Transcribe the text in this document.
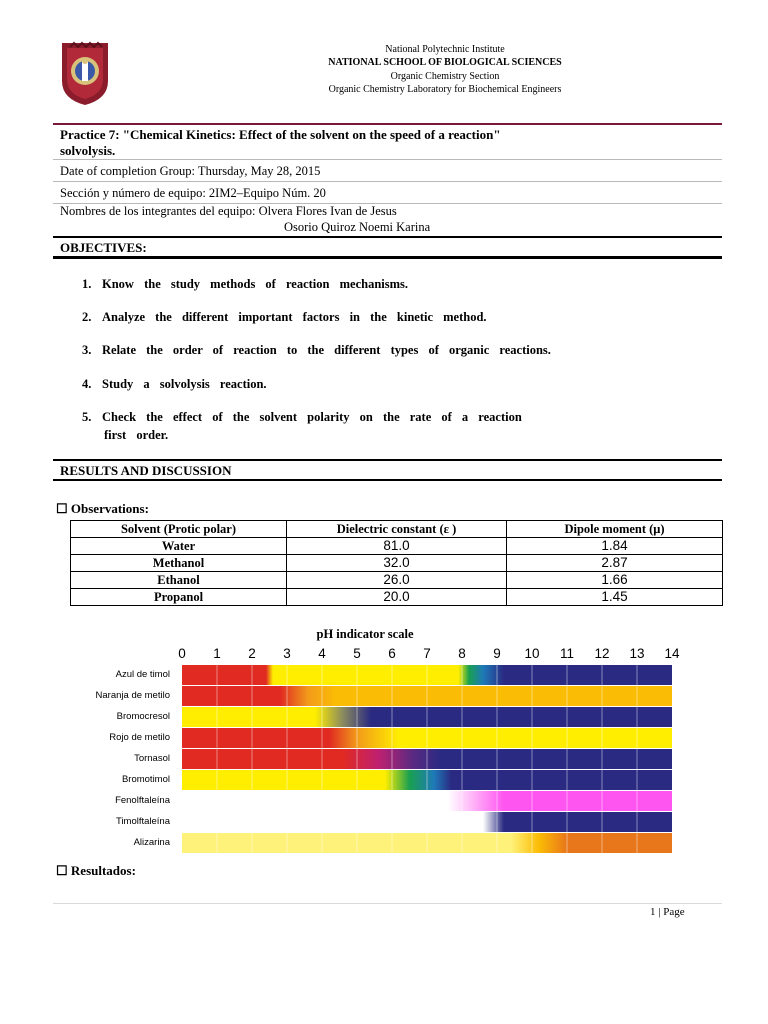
National Polytechnic Institute
NATIONAL SCHOOL OF BIOLOGICAL SCIENCES
Organic Chemistry Section
Organic Chemistry Laboratory for Biochemical Engineers
Practice 7: "Chemical Kinetics: Effect of the solvent on the speed of a reaction"
solvolysis.
Date of completion Group: Thursday, May 28, 2015
Sección y número de equipo: 2IM2–Equipo Núm. 20
Nombres de los integrantes del equipo: Olvera Flores Ivan de Jesus
Osorio Quiroz Noemi Karina
OBJECTIVES:
1. Know the study methods of reaction mechanisms.
2. Analyze the different important factors in the kinetic method.
3. Relate the order of reaction to the different types of organic reactions.
4. Study a solvolysis reaction.
5. Check the effect of the solvent polarity on the rate of a reaction
first order.
RESULTS AND DISCUSSION
☐ Observations:
Solvent (Protic polar)	Dielectric constant (ε )	Dipole moment (μ)
Water	81.0	1.84
Methanol	32.0	2.87
Ethanol	26.0	1.66
Propanol	20.0	1.45
pH indicator scale
0	1	2	3	4	5	6	7	8	9	10	11	12	13	14
Azul de timol
Naranja de metilo
Bromocresol
Rojo de metilo
Tornasol
Bromotimol
Fenolftaleína
Timolftaleína
Alizarina
☐ Resultados:
1 | Page
